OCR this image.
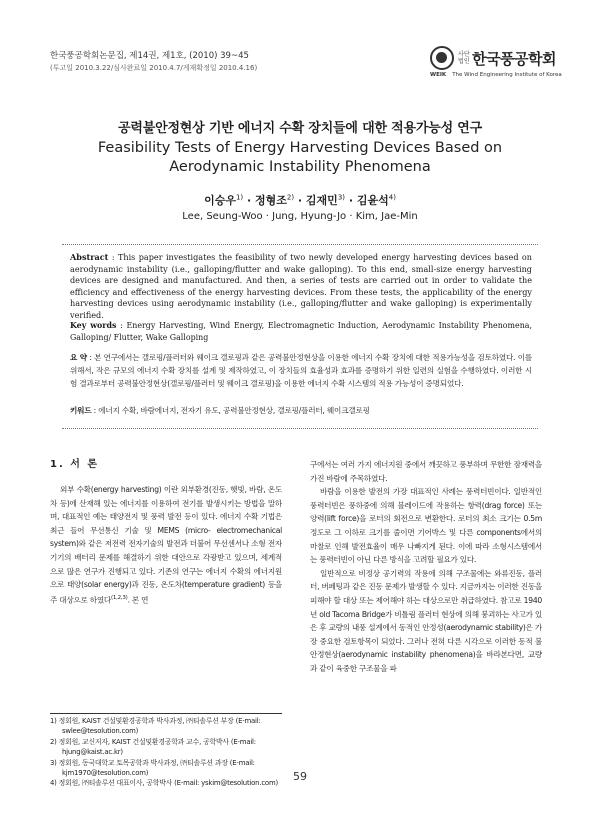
한국풍공학회논문집, 제14권, 제1호, (2010) 39~45
(투고일 2010.3.22/심사완료일 2010.4.7/게재확정일 2010.4.16)
사단 법인 한국풍공학회
WEIK The Wind Engineering Institute of Korea
공력불안정현상 기반 에너지 수확 장치들에 대한 적용가능성 연구
Feasibility Tests of Energy Harvesting Devices Based on
Aerodynamic Instability Phenomena
이승우$^{1)}$ · 정형조$^{2)}$ · 김재민$^{3)}$ · 김윤석$^{4)}$
Lee, Seung-Woo · Jung, Hyung-Jo · Kim, Jae-Min
Abstract : This paper investigates the feasibility of two newly developed energy harvesting devices based on aerodynamic instability (i.e., galloping/flutter and wake galloping). To this end, small-size energy harvesting devices are designed and manufactured. And then, a series of tests are carried out in order to validate the efficiency and effectiveness of the energy harvesting devices. From these tests, the applicability of the energy harvesting devices using aerodynamic instability (i.e., galloping/flutter and wake galloping) is experimentally verified.
Key words : Energy Harvesting, Wind Energy, Electromagnetic Induction, Aerodynamic Instability Phenomena, Galloping/ Flutter, Wake Galloping
요 약 : 본 연구에서는 갤로핑/플러터와 웨이크 갤로핑과 같은 공력불안정현상을 이용한 에너지 수확 장치에 대한 적용가능성을 검토하였다. 이를 위해서, 작은 규모의 에너지 수확 장치를 설계 및 제작하였고, 이 장치들의 효율성과 효과를 증명하기 위한 일련의 실험을 수행하였다. 이러한 시험 결과로부터 공력불안정현상(갤로핑/플러터 및 웨이크 갤로핑)을 이용한 에너지 수확 시스템의 적용 가능성이 증명되었다.
키워드 : 에너지 수확, 바람에너지, 전자기 유도, 공력불안정현상, 갤로핑/플러터, 웨이크갤로핑
1. 서 론

외부 수확(energy harvesting) 이란 외부환경(진동, 햇빛, 바람, 온도차 등)에 산재해 있는 에너지를 이용하여 전기를 발생시키는 방법을 말하며, 대표적인 예는 태양전지 및 풍력 발전 등이 있다. 에너지 수확 기법은 최근 들어 무선통신 기술 및 MEMS (micro- electromechanical system)와 같은 저전력 전자기술의 발전과 더불어 무선센서나 소형 전자기기의 배터리 문제를 해결하기 위한 대안으로 각광받고 있으며, 세계적으로 많은 연구가 진행되고 있다. 기존의 연구는 에너지 수확의 에너지원으로 태양(solar energy)과 진동, 온도차(temperature gradient) 등을 주 대상으로 하였다$^{(1,2,3)}$. 본 연

구에서는 여러 가지 에너지원 중에서 깨끗하고 풍부하며 무한한 잠재력을 가진 바람에 주목하였다.

바람을 이용한 발전의 가장 대표적인 사례는 풍력터빈이다. 일반적인 풍력터빈은 풍하중에 의해 블레이드에 작용하는 항력(drag force) 또는 양력(lift force)을 로터의 회전으로 변환한다. 로터의 최소 크기는 0.5m 정도로 그 이하로 크기를 줄이면 기어박스 및 다른 components에서의 마찰로 인해 발전효율이 매우 나빠지게 된다. 이에 따라 소형시스템에서는 풍력터빈이 아닌 다른 방식을 고려할 필요가 있다.

일반적으로 비정상 공기력의 작용에 의해 구조물에는 와류진동, 플러터, 버페팅과 같은 진동 문제가 발생할 수 있다. 지금까지는 이러한 진동을 피해야 할 대상 또는 제어해야 하는 대상으로만 취급하였다. 참고로 1940년 old Tacoma Bridge가 비틀림 플러터 현상에 의해 붕괴하는 사고가 있은 후 교량의 내풍 설계에서 동적인 안정성(aerodynamic stability)은 가장 중요한 검토항목이 되었다. 그러나 전혀 다른 시각으로 이러한 동적 불안정현상(aerodynamic instability phenomena)을 바라본다면, 교량과 같이 육중한 구조물을 파

1) 정회원, KAIST 건설및환경공학과 박사과정, ㈜티솔루션 부장 (E-mail: swlee@tesolution.com)
2) 정회원, 교신저자, KAIST 건설및환경공학과 교수, 공학박사 (E-mail: hjung@kaist.ac.kr)
3) 정회원, 동국대학교 토목공학과 박사과정, ㈜티솔루션 과장 (E-mail: kjm1970@tesolution.com)
4) 정회원, ㈜티솔루션 대표이사, 공학박사 (E-mail: yskim@tesolution.com)
59
